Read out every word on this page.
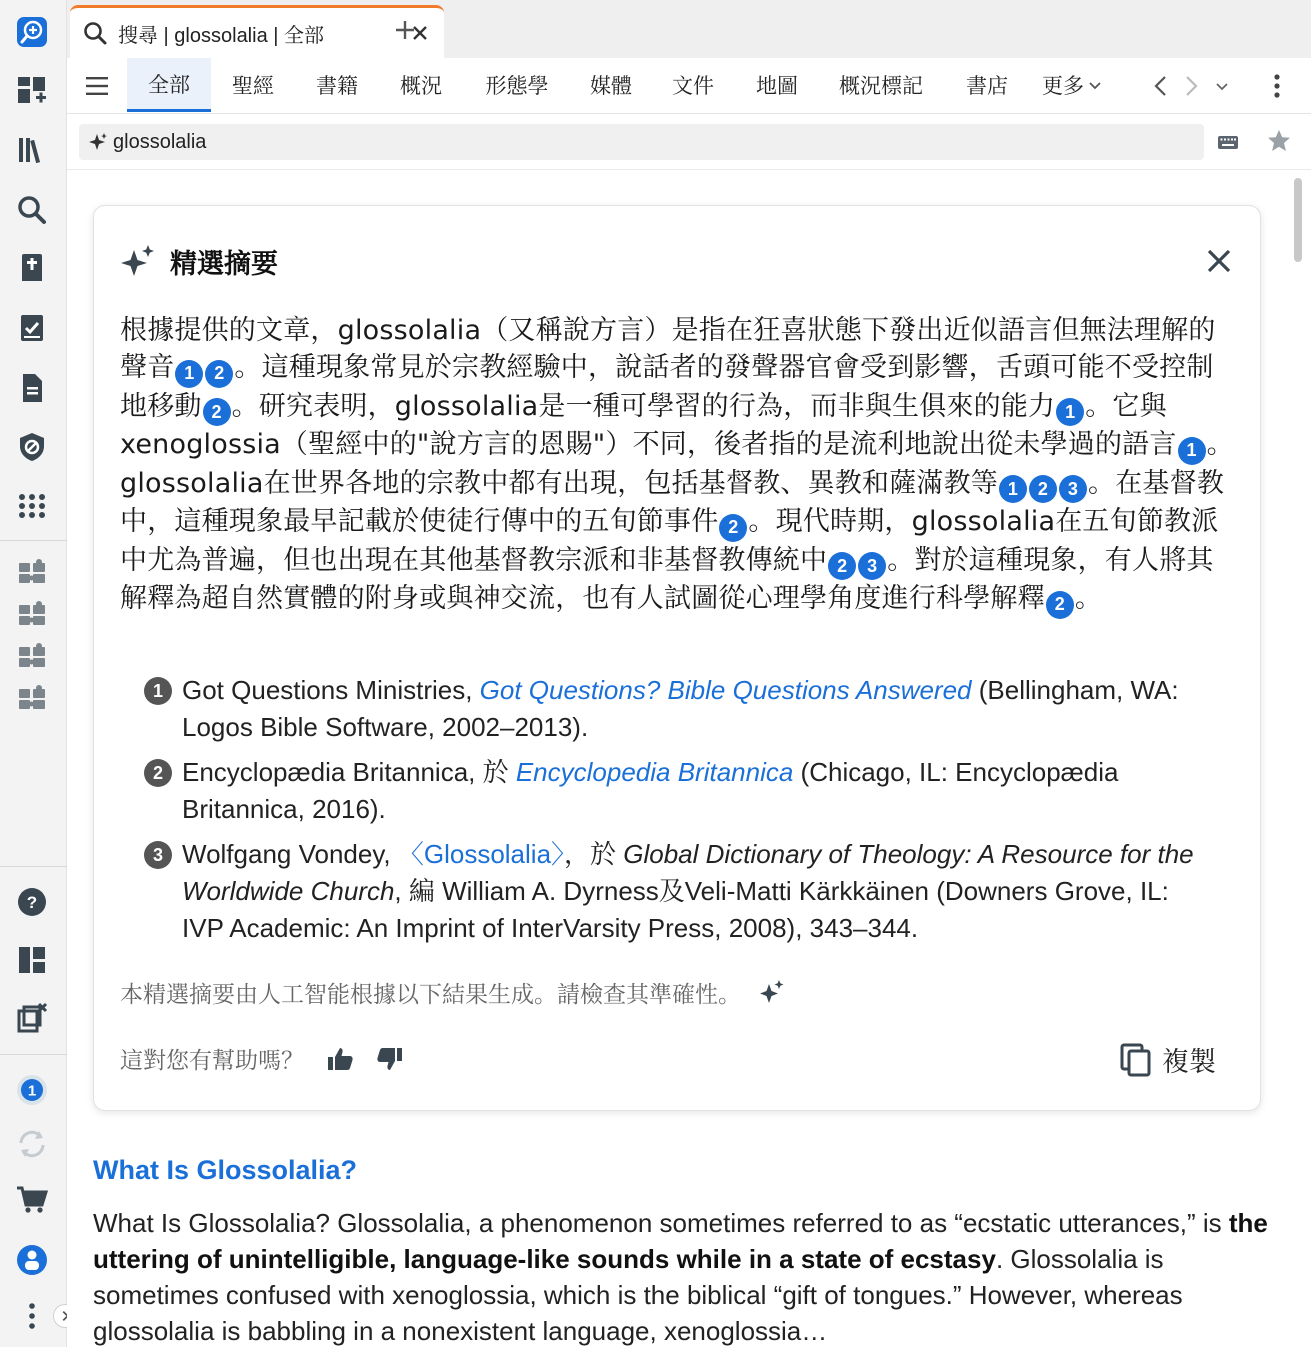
?
1
搜尋 | glossolalia | 全部
全部	聖經	書籍	概況	形態學	媒體	文件	地圖	概況標記	書店	更多
glossolalia
精選摘要
根據提供的文章，glossolalia（又稱說方言）是指在狂喜狀態下發出近似語言但無法理解的聲音 1 2 。這種現象常見於宗教經驗中，說話者的發聲器官會受到影響，舌頭可能不受控制地移動 2 。研究表明，glossolalia是一種可學習的行為，而非與生俱來的能力 1 。它與xenoglossia（聖經中的"說方言的恩賜"）不同，後者指的是流利地說出從未學過的語言 1 。glossolalia在世界各地的宗教中都有出現，包括基督教、異教和薩滿教等 1 2 3 。在基督教中，這種現象最早記載於使徒行傳中的五旬節事件 2 。現代時期，glossolalia在五旬節教派中尤為普遍，但也出現在其他基督教宗派和非基督教傳統中 2 3 。對於這種現象，有人將其解釋為超自然實體的附身或與神交流，也有人試圖從心理學角度進行科學解釋 2 。
1 Got Questions Ministries, Got Questions? Bible Questions Answered (Bellingham, WA: Logos Bible Software, 2002–2013).
2 Encyclopædia Britannica, 於 Encyclopedia Britannica (Chicago, IL: Encyclopædia Britannica, 2016).
3 Wolfgang Vondey, 〈Glossolalia〉，於 Global Dictionary of Theology: A Resource for the Worldwide Church, 編 William A. Dyrness及Veli-Matti Kärkkäinen (Downers Grove, IL: IVP Academic: An Imprint of InterVarsity Press, 2008), 343–344.
本精選摘要由人工智能根據以下結果生成。請檢查其準確性。
這對您有幫助嗎？	複製
What Is Glossolalia?
What Is Glossolalia? Glossolalia, a phenomenon sometimes referred to as “ecstatic utterances,” is the uttering of unintelligible, language-like sounds while in a state of ecstasy. Glossolalia is sometimes confused with xenoglossia, which is the biblical “gift of tongues.” However, whereas glossolalia is babbling in a nonexistent language, xenoglossia…
